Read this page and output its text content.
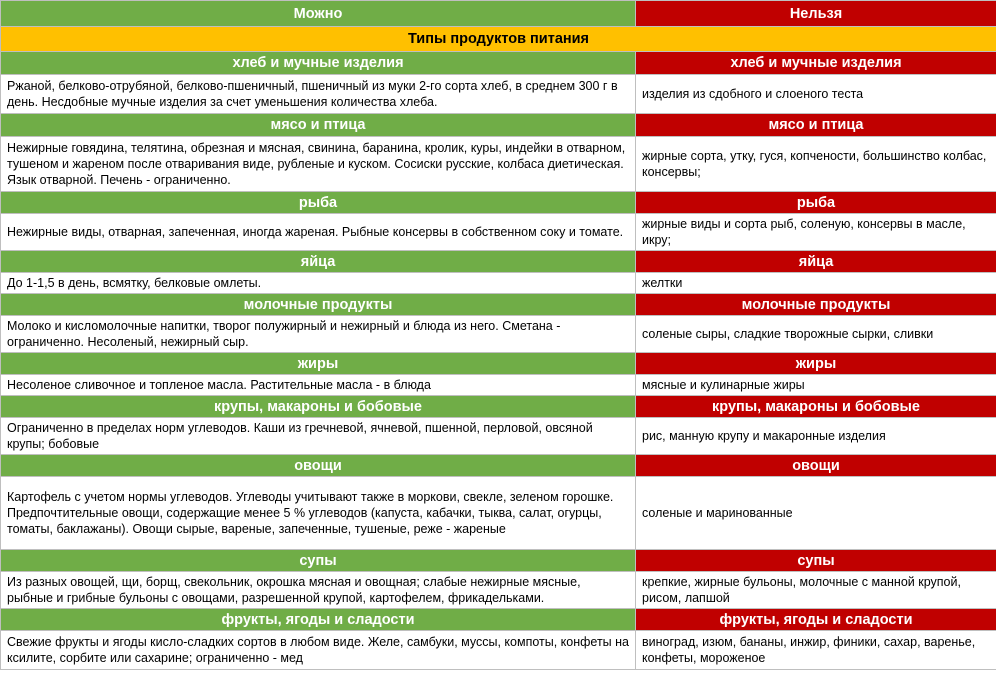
Можно	Нельзя
Типы продуктов питания	
хлеб и мучные изделия	хлеб и мучные изделия
Ржаной, белково-отрубяной, белково-пшеничный, пшеничный из муки 2-го сорта хлеб, в среднем 300 г в день. Несдобные мучные изделия за счет уменьшения количества хлеба.	изделия из сдобного и слоеного теста
мясо и птица	мясо и птица
Нежирные говядина, телятина, обрезная и мясная, свинина, баранина, кролик, куры, индейки в отварном, тушеном и жареном после отваривания виде, рубленые и куском. Сосиски русские, колбаса диетическая. Язык отварной. Печень - ограниченно.	жирные сорта, утку, гуся, копчености, большинство колбас, консервы;
рыба	рыба
Нежирные виды, отварная, запеченная, иногда жареная. Рыбные консервы в собственном соку и томате.	жирные виды и сорта рыб, соленую, консервы в масле, икру;
яйца	яйца
До 1-1,5 в день, всмятку, белковые омлеты.	желтки
молочные продукты	молочные продукты
Молоко и кисломолочные напитки, творог полужирный и нежирный и блюда из него. Сметана - ограниченно. Несоленый, нежирный сыр.	соленые сыры, сладкие творожные сырки, сливки
жиры	жиры
Несоленое сливочное и топленое масла. Растительные масла - в блюда	мясные и кулинарные жиры
крупы, макароны и бобовые	крупы, макароны и бобовые
Ограниченно в пределах норм углеводов. Каши из гречневой, ячневой, пшенной, перловой, овсяной крупы; бобовые	рис, манную крупу и макаронные изделия
овощи	овощи
Картофель с учетом нормы углеводов. Углеводы учитывают также в моркови, свекле, зеленом горошке. Предпочтительные овощи, содержащие менее 5 % углеводов (капуста, кабачки, тыква, салат, огурцы, томаты, баклажаны). Овощи сырые, вареные, запеченные, тушеные, реже - жареные	соленые и маринованные
супы	супы
Из разных овощей, щи, борщ, свекольник, окрошка мясная и овощная; слабые нежирные мясные, рыбные и грибные бульоны с овощами, разрешенной крупой, картофелем, фрикадельками.	крепкие, жирные бульоны, молочные с манной крупой, рисом, лапшой
фрукты, ягоды и сладости	фрукты, ягоды и сладости
Свежие фрукты и ягоды кисло-сладких сортов в любом виде. Желе, самбуки, муссы, компоты, конфеты на ксилите, сорбите или сахарине; ограниченно - мед	виноград, изюм, бананы, инжир, финики, сахар, варенье, конфеты, мороженое
